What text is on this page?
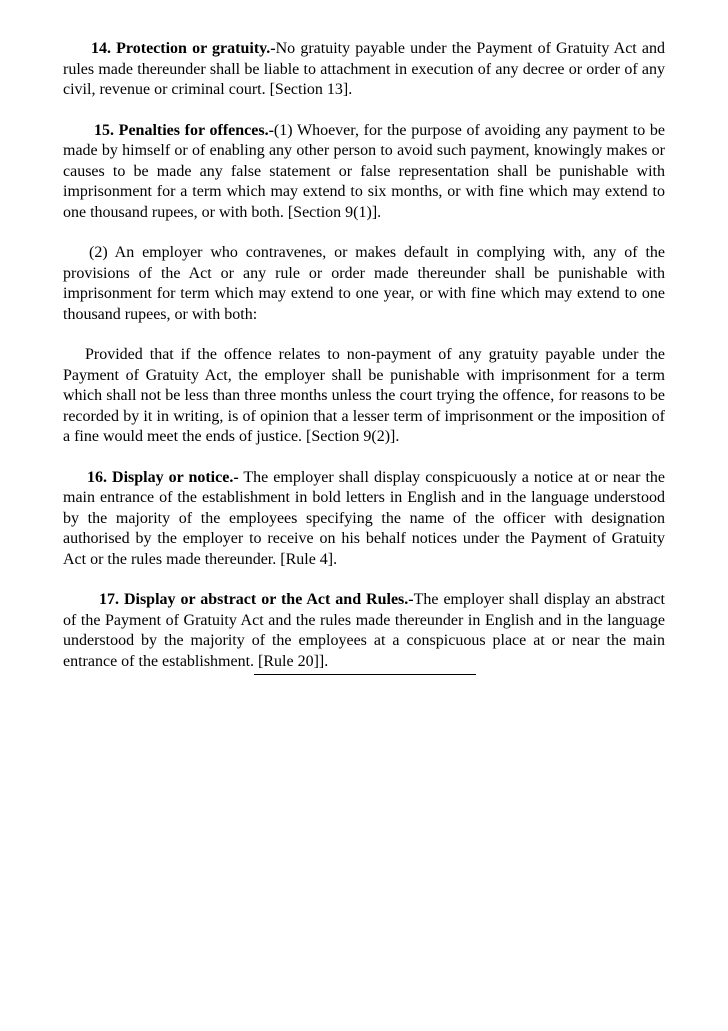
14. Protection or gratuity.-No gratuity payable under the Payment of Gratuity Act and rules made thereunder shall be liable to attachment in execution of any decree or order of any civil, revenue or criminal court. [Section 13].

15. Penalties for offences.-(1) Whoever, for the purpose of avoiding any payment to be made by himself or of enabling any other person to avoid such payment, knowingly makes or causes to be made any false statement or false representation shall be punishable with imprisonment for a term which may extend to six months, or with fine which may extend to one thousand rupees, or with both. [Section 9(1)].

(2) An employer who contravenes, or makes default in complying with, any of the provisions of the Act or any rule or order made thereunder shall be punishable with imprisonment for term which may extend to one year, or with fine which may extend to one thousand rupees, or with both:

Provided that if the offence relates to non-payment of any gratuity payable under the Payment of Gratuity Act, the employer shall be punishable with imprisonment for a term which shall not be less than three months unless the court trying the offence, for reasons to be recorded by it in writing, is of opinion that a lesser term of imprisonment or the imposition of a fine would meet the ends of justice. [Section 9(2)].

16. Display or notice.- The employer shall display conspicuously a notice at or near the main entrance of the establishment in bold letters in English and in the language understood by the majority of the employees specifying the name of the officer with designation authorised by the employer to receive on his behalf notices under the Payment of Gratuity Act or the rules made thereunder. [Rule 4].

17. Display or abstract or the Act and Rules.-The employer shall display an abstract of the Payment of Gratuity Act and the rules made thereunder in English and in the language understood by the majority of the employees at a conspicuous place at or near the main entrance of the establishment. [Rule 20]].
